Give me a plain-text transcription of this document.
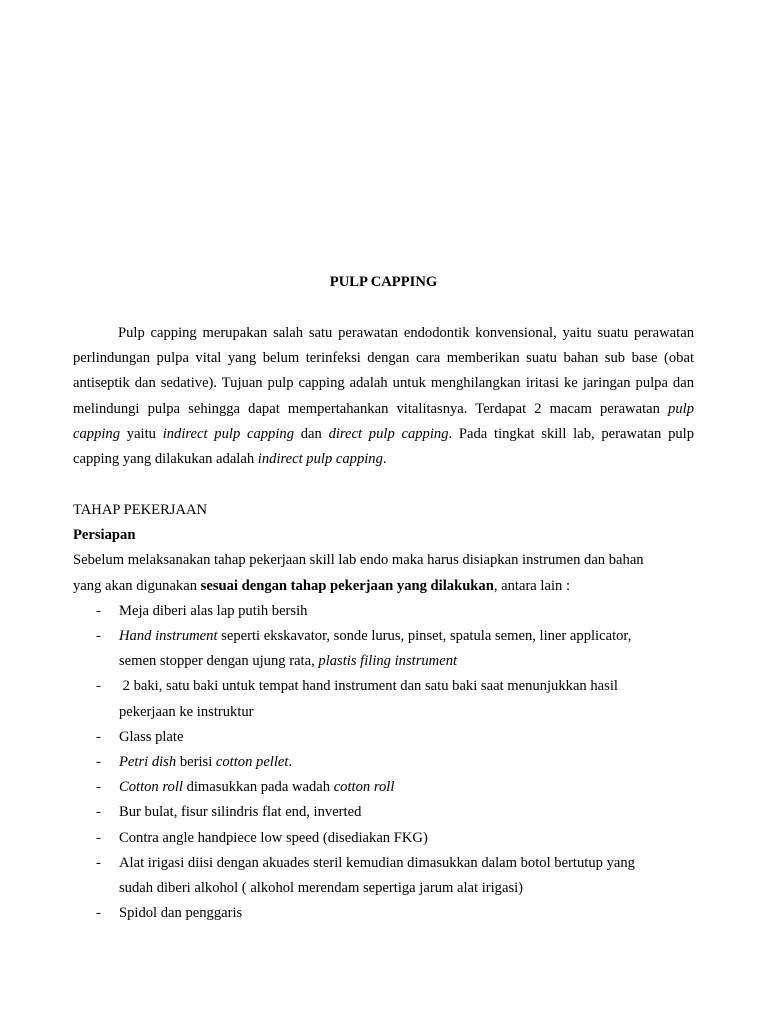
PULP CAPPING

Pulp capping merupakan salah satu perawatan endodontik konvensional, yaitu suatu perawatan perlindungan pulpa vital yang belum terinfeksi dengan cara memberikan suatu bahan sub base (obat antiseptik dan sedative). Tujuan pulp capping adalah untuk menghilangkan iritasi ke jaringan pulpa dan melindungi pulpa sehingga dapat mempertahankan vitalitasnya. Terdapat 2 macam perawatan pulp capping yaitu indirect pulp capping dan direct pulp capping. Pada tingkat skill lab, perawatan pulp capping yang dilakukan adalah indirect pulp capping.

TAHAP PEKERJAAN
Persiapan
Sebelum melaksanakan tahap pekerjaan skill lab endo maka harus disiapkan instrumen dan bahan
yang akan digunakan sesuai dengan tahap pekerjaan yang dilakukan, antara lain :
- Meja diberi alas lap putih bersih
- Hand instrument seperti ekskavator, sonde lurus, pinset, spatula semen, liner applicator,
semen stopper dengan ujung rata, plastis filing instrument
- 2 baki, satu baki untuk tempat hand instrument dan satu baki saat menunjukkan hasil
pekerjaan ke instruktur
- Glass plate
- Petri dish berisi cotton pellet.
- Cotton roll dimasukkan pada wadah cotton roll
- Bur bulat, fisur silindris flat end, inverted
- Contra angle handpiece low speed (disediakan FKG)
- Alat irigasi diisi dengan akuades steril kemudian dimasukkan dalam botol bertutup yang
sudah diberi alkohol ( alkohol merendam sepertiga jarum alat irigasi)
- Spidol dan penggaris
